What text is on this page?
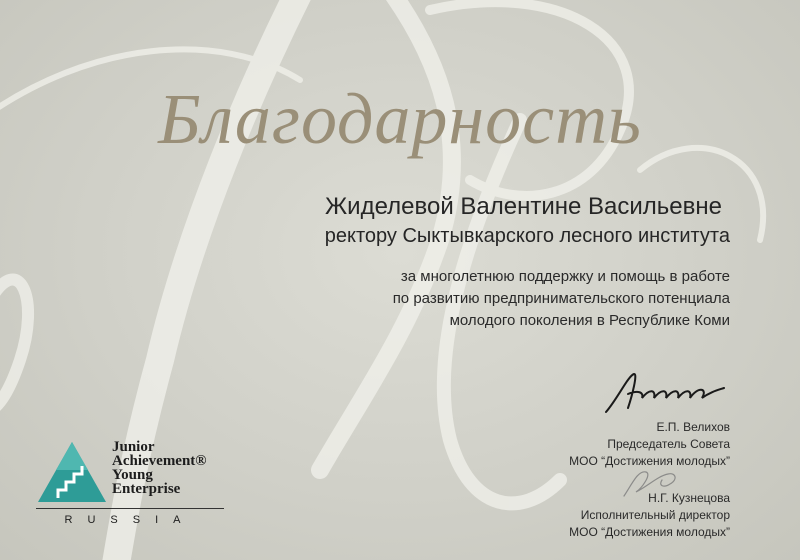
Благодарность
Жиделевой Валентине Васильевне
ректору Сыктывкарского лесного института
за многолетнюю поддержку и помощь в работе
по развитию предпринимательского потенциала
молодого поколения в Республике Коми
Е.П. Велихов
Председатель Совета
МОО “Достижения молодых”
Н.Г. Кузнецова
Исполнительный директор
МОО “Достижения молодых”
Junior
Achievement®
Young
Enterprise
RUSSIA
